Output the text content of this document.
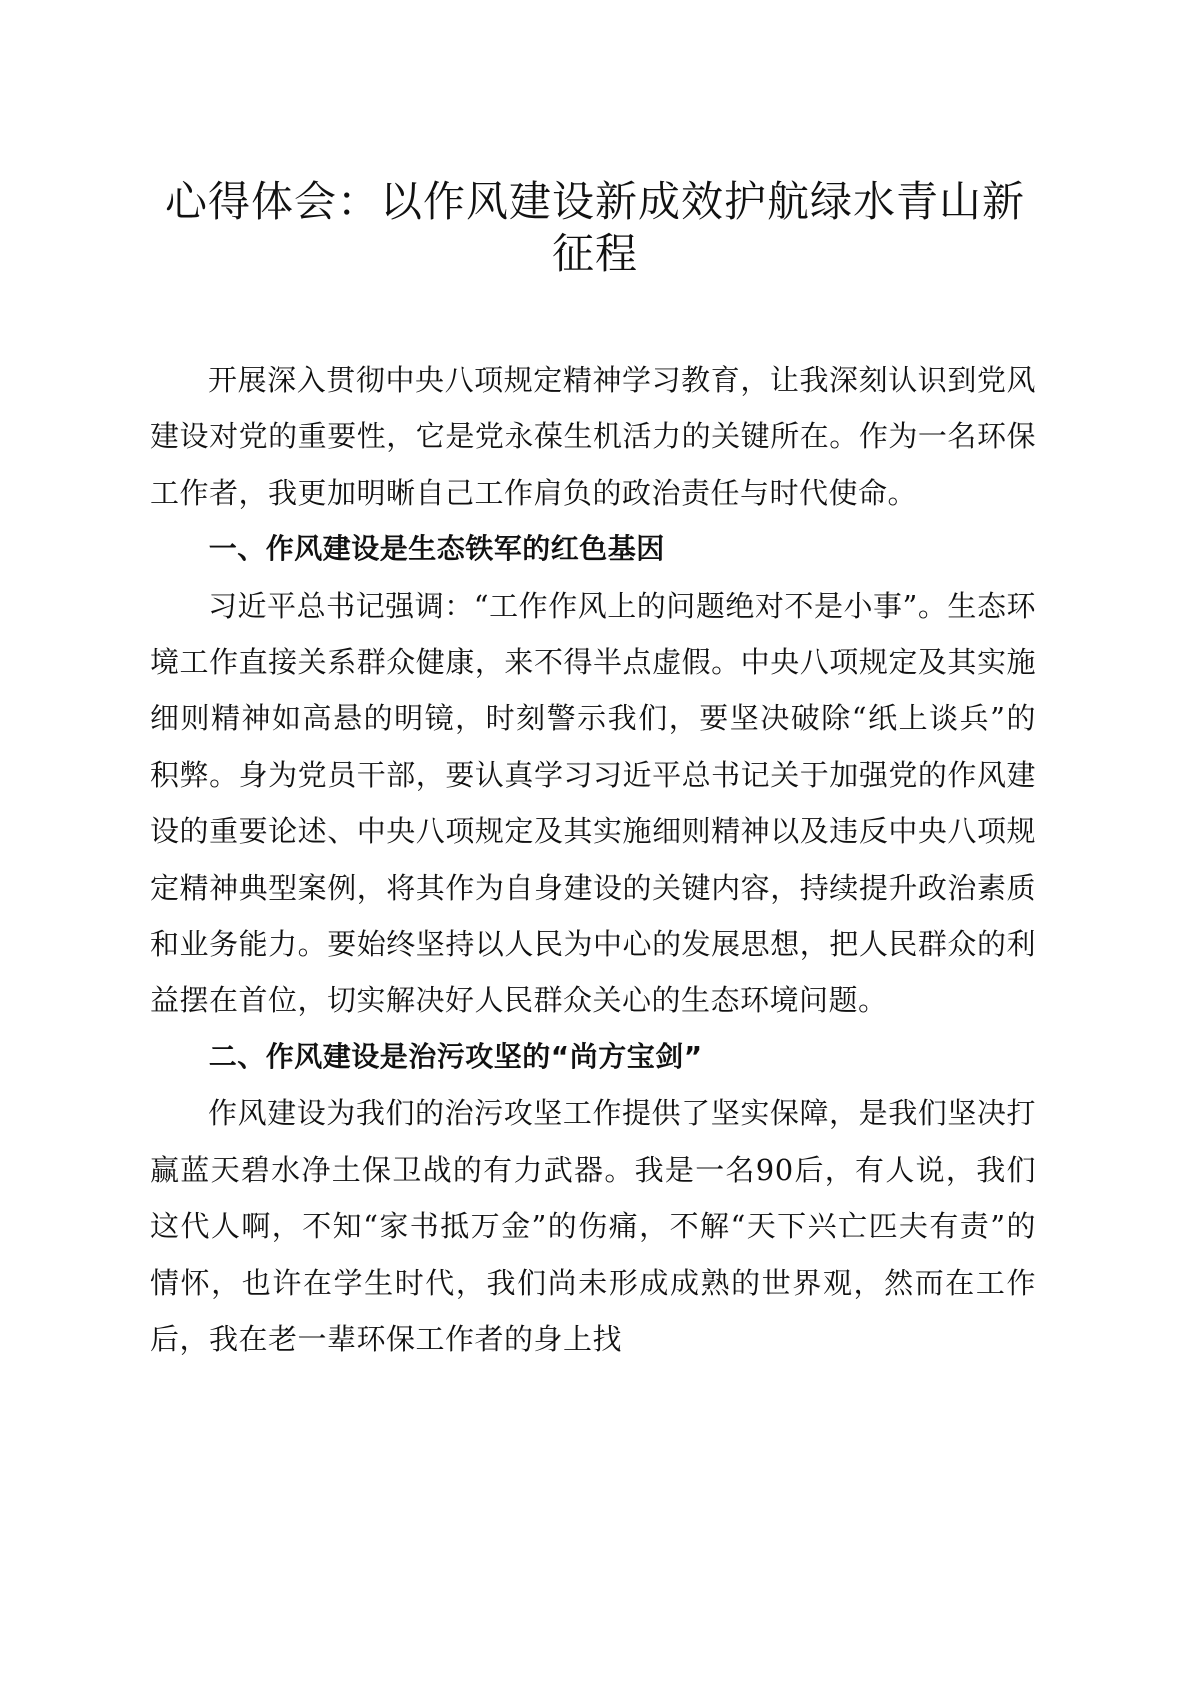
心得体会：以作风建设新成效护航绿水青山新
征程

开展深入贯彻中央八项规定精神学习教育，让我深刻认识到党风建设对党的重要性，它是党永葆生机活力的关键所在。作为一名环保工作者，我更加明晰自己工作肩负的政治责任与时代使命。

一、作风建设是生态铁军的红色基因

习近平总书记强调：“工作作风上的问题绝对不是小事”。生态环境工作直接关系群众健康，来不得半点虚假。中央八项规定及其实施细则精神如高悬的明镜，时刻警示我们，要坚决破除“纸上谈兵”的积弊。身为党员干部，要认真学习习近平总书记关于加强党的作风建设的重要论述、中央八项规定及其实施细则精神以及违反中央八项规定精神典型案例，将其作为自身建设的关键内容，持续提升政治素质和业务能力。要始终坚持以人民为中心的发展思想，把人民群众的利益摆在首位，切实解决好人民群众关心的生态环境问题。

二、作风建设是治污攻坚的“尚方宝剑”

作风建设为我们的治污攻坚工作提供了坚实保障，是我们坚决打赢蓝天碧水净土保卫战的有力武器。我是一名90后，有人说，我们这代人啊，不知“家书抵万金”的伤痛，不解“天下兴亡匹夫有责”的情怀，也许在学生时代，我们尚未形成成熟的世界观，然而在工作后，我在老一辈环保工作者的身上找
